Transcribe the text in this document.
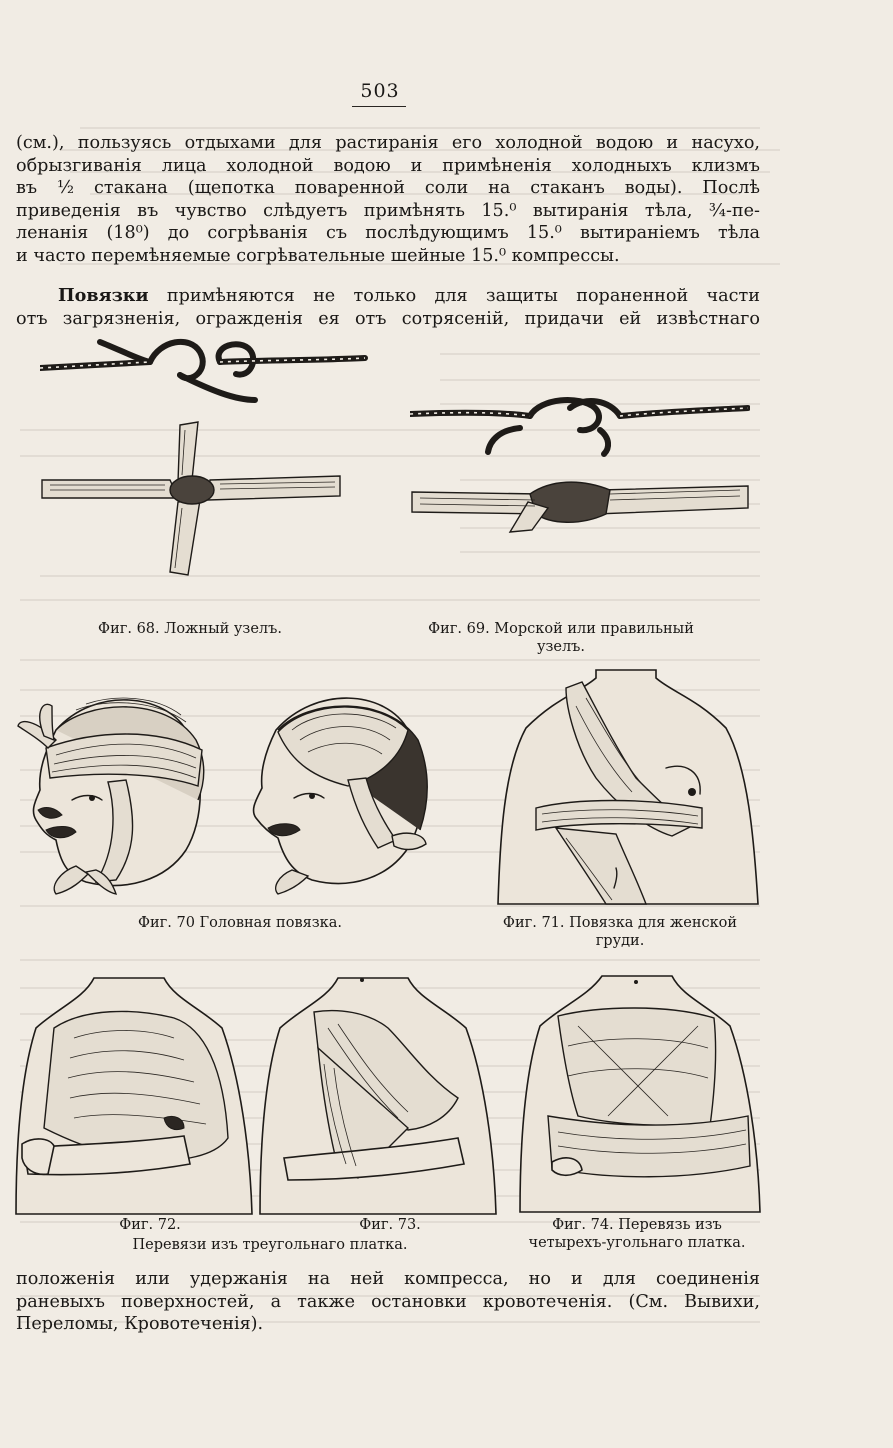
503
(см.), пользуясь отдыхами для растиранія его холодной водою и насухо,
обрызгиванія лица холодной водою и примѣненія холодныхъ клизмъ
въ ½ стакана (щепотка поваренной соли на стаканъ воды). Послѣ
приведенія въ чувство слѣдуетъ примѣнять 15.⁰ вытиранія тѣла, ¾-пе-
ленанія (18⁰) до согрѣванія съ послѣдующимъ 15.⁰ вытираніемъ тѣла
и часто перемѣняемые согрѣвательные шейные 15.⁰ компрессы.
Повязки примѣняются не только для защиты пораненной части
отъ загрязненія, огражденія ея отъ сотрясеній, придачи ей извѣстнаго
Фиг. 68. Ложный узелъ.	Фиг. 69. Морской или правильный
узелъ.
Фиг. 70 Головная повязка.	Фиг. 71. Повязка для женской
груди.
Фиг. 72.	Фиг. 73.
Перевязи изъ треугольнаго платка.
Фиг. 74. Перевязь изъ
четырехъ-угольнаго платка.
положенія или удержанія на ней компресса, но и для соединенія
раневыхъ поверхностей, а также остановки кровотеченія. (См. Вывихи,
Переломы, Кровотеченія).
